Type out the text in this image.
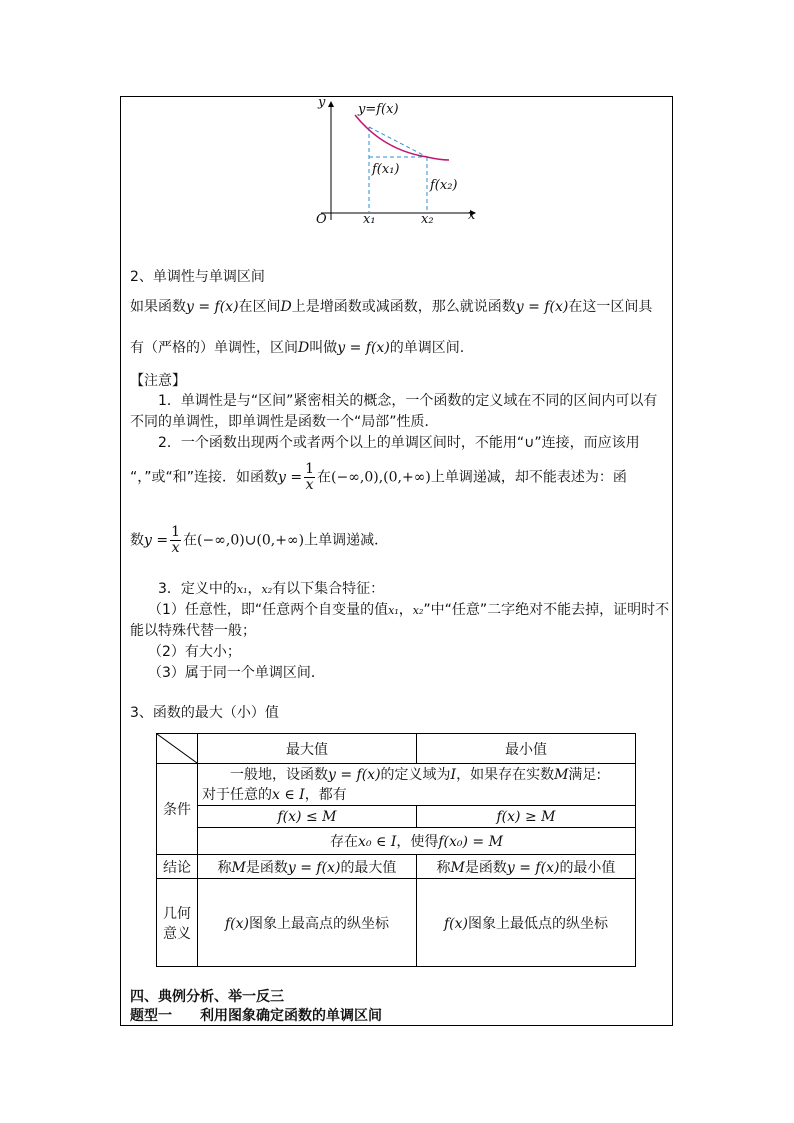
y
x
O
y=f(x)
f(x₁)
f(x₂)
x₁	x₂
2、单调性与单调区间
如果函数y = f(x)在区间D上是增函数或减函数，那么就说函数y = f(x)在这一区间具
有（严格的）单调性，区间D叫做y = f(x)的单调区间.
【注意】
1．单调性是与“区间”紧密相关的概念，一个函数的定义域在不同的区间内可以有
不同的单调性，即单调性是函数一个“局部”性质．
2．一个函数出现两个或者两个以上的单调区间时，不能用“∪”连接，而应该用
“，”或“和”连接．如函数$y = \frac{1}{x}$ 在(−∞,0),(0,+∞)上单调递减，却不能表述为：函
数$y = \frac{1}{x}$ 在(−∞,0)∪(0,+∞)上单调递减．
3．定义中的x₁，x₂有以下集合特征：
（1）任意性，即“任意两个自变量的值x₁，x₂”中“任意”二字绝对不能去掉，证明时不
能以特殊代替一般；
（2）有大小；
（3）属于同一个单调区间．
3、函数的最大（小）值
	最大值	最小值
条件	一般地，设函数y = f(x)的定义域为I，如果存在实数M满足:
对于任意的x ∈ I，都有	

	f(x) ≤ M	f(x) ≥ M
	存在x₀ ∈ I，使得f(x₀) = M	
结论	称M是函数y = f(x)的最大值	称M是函数y = f(x)的最小值

几何
意义	f(x)图象上最高点的纵坐标	f(x)图象上最低点的纵坐标
四、典例分析、举一反三
题型一 利用图象确定函数的单调区间
